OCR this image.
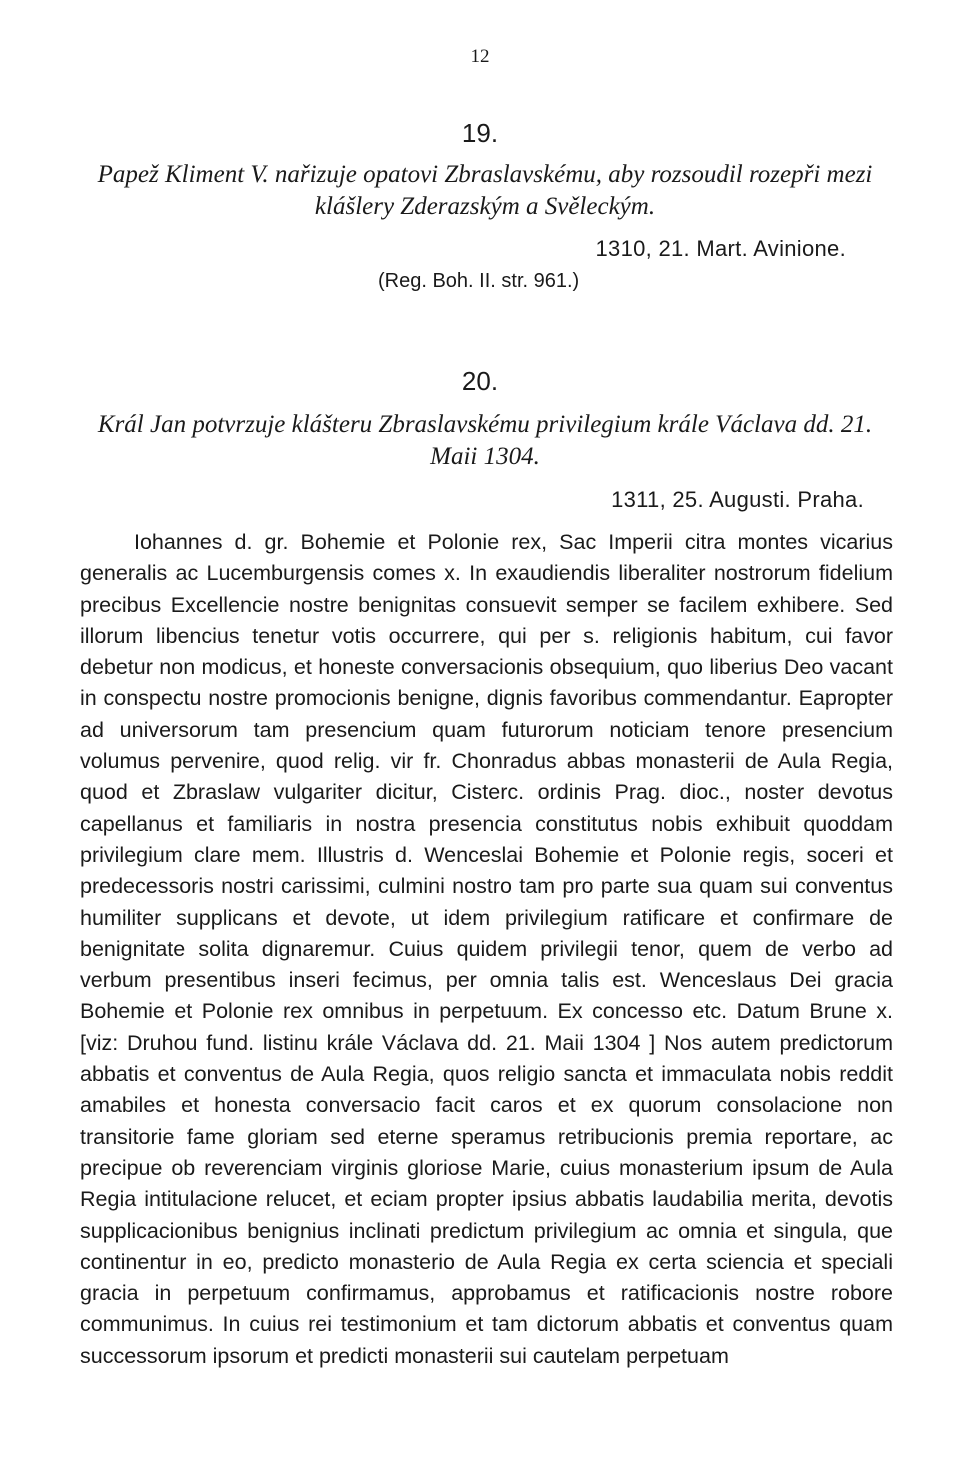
12
19.
Papež Kliment V. nařizuje opatovi Zbraslavskému, aby rozsoudil rozepři mezi klášlery Zderazským a Svěleckým.
1310, 21. Mart. Avinione.
(Reg. Boh. II. str. 961.)
20.
Král Jan potvrzuje klášteru Zbraslavskému privilegium krále Václava dd. 21. Maii 1304.
1311, 25. Augusti. Praha.

Iohannes d. gr. Bohemie et Polonie rex, Sac Imperii citra montes vicarius generalis ac Lucemburgensis comes x. In exaudiendis liberaliter nostrorum fidelium precibus Excellencie nostre benignitas consuevit semper se facilem exhibere. Sed illorum libencius tenetur votis occurrere, qui per s. religionis habitum, cui favor debetur non modicus, et honeste conversacionis obsequium, quo liberius Deo vacant in conspectu nostre promocionis benigne, dignis favoribus commendantur. Eapropter ad universorum tam presencium quam futurorum noticiam tenore presencium volumus pervenire, quod relig. vir fr. Chonradus abbas monasterii de Aula Regia, quod et Zbraslaw vulgariter dicitur, Cisterc. ordinis Prag. dioc., noster devotus capellanus et familiaris in nostra presencia constitutus nobis exhibuit quoddam privilegium clare mem. Illustris d. Wenceslai Bohemie et Polonie regis, soceri et predecessoris nostri carissimi, culmini nostro tam pro parte sua quam sui conventus humiliter supplicans et devote, ut idem privilegium ratificare et confirmare de benignitate solita dignaremur. Cuius quidem privilegii tenor, quem de verbo ad verbum presentibus inseri fecimus, per omnia talis est. Wenceslaus Dei gracia Bohemie et Polonie rex omnibus in perpetuum. Ex concesso etc. Datum Brune x. [viz: Druhou fund. listinu krále Václava dd. 21. Maii 1304 ] Nos autem predictorum abbatis et conventus de Aula Regia, quos religio sancta et immaculata nobis reddit amabiles et honesta conversacio facit caros et ex quorum consolacione non transitorie fame gloriam sed eterne speramus retribucionis premia reportare, ac precipue ob reverenciam virginis gloriose Marie, cuius monasterium ipsum de Aula Regia intitulacione relucet, et eciam propter ipsius abbatis laudabilia merita, devotis supplicacionibus benignius inclinati predictum privilegium ac omnia et singula, que continentur in eo, predicto monasterio de Aula Regia ex certa sciencia et speciali gracia in perpetuum confirmamus, approbamus et ratificacionis nostre robore communimus. In cuius rei testimonium et tam dictorum abbatis et conventus quam successorum ipsorum et predicti monasterii sui cautelam perpetuam
